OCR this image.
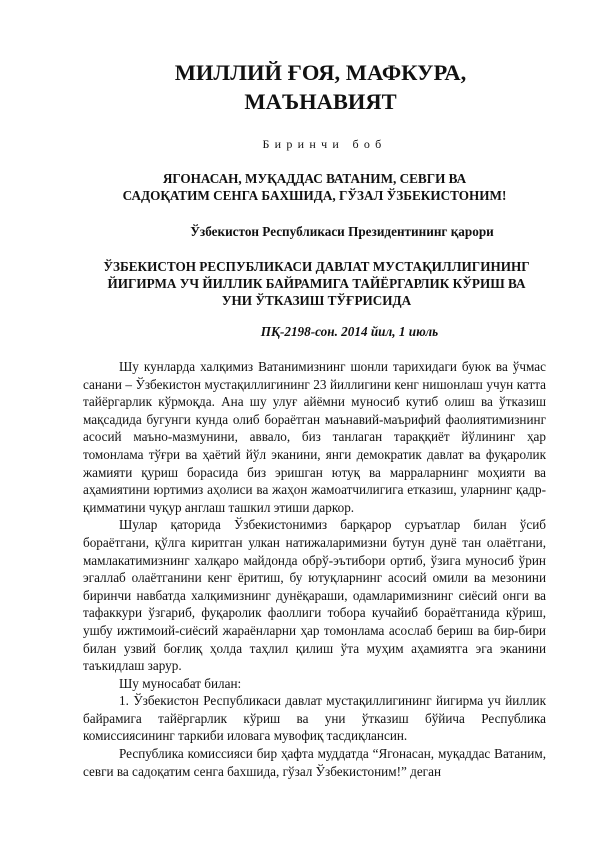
МИЛЛИЙ ҒОЯ, МАФКУРА,
МАЪНАВИЯТ
Биринчи боб
ЯГОНАСАН, МУҚАДДАС ВАТАНИМ, СЕВГИ ВА
САДОҚАТИМ СЕНГА БАХШИДА, ГЎЗАЛ ЎЗБЕКИСТОНИМ!
Ўзбекистон Республикаси Президентининг қарори
ЎЗБЕКИСТОН РЕСПУБЛИКАСИ ДАВЛАТ МУСТАҚИЛЛИГИНИНГ
ЙИГИРМА УЧ ЙИЛЛИК БАЙРАМИГА ТАЙЁРГАРЛИК КЎРИШ ВА
УНИ ЎТКАЗИШ ТЎҒРИСИДА
ПҚ-2198-сон. 2014 йил, 1 июль

Шу кунларда халқимиз Ватанимизнинг шонли тарихидаги буюк ва ўчмас санани – Ўзбекистон мустақиллигининг 23 йиллигини кенг нишонлаш учун катта тайёргарлик кўрмоқда. Ана шу улуғ айёмни муносиб кутиб олиш ва ўтказиш мақсадида бугунги кунда олиб бораётган маънавий-маърифий фаолиятимизнинг асосий маъно-мазмунини, аввало, биз танлаган тараққиёт йўлининг ҳар томонлама тўғри ва ҳаётий йўл эканини, янги демократик давлат ва фуқаролик жамияти қуриш борасида биз эришган ютуқ ва марраларнинг моҳияти ва аҳамиятини юртимиз аҳолиси ва жаҳон жамоатчилигига етказиш, уларнинг қадр-қимматини чуқур англаш ташкил этиши даркор.

Шулар қаторида Ўзбекистонимиз барқарор суръатлар билан ўсиб бораётгани, қўлга киритган улкан натижаларимизни бутун дунё тан олаётгани, мамлакатимизнинг халқаро майдонда обрў-эътибори ортиб, ўзига муносиб ўрин эгаллаб олаётганини кенг ёритиш, бу ютуқларнинг асосий омили ва мезонини биринчи навбатда халқимизнинг дунёқараши, одамларимизнинг сиёсий онги ва тафаккури ўзгариб, фуқаролик фаоллиги тобора кучайиб бораётганида кўриш, ушбу ижтимоий-сиёсий жараёнларни ҳар томонлама асослаб бериш ва бир-бири билан узвий боғлиқ ҳолда таҳлил қилиш ўта муҳим аҳамиятга эга эканини таъкидлаш зарур.

Шу муносабат билан:

1. Ўзбекистон Республикаси давлат мустақиллигининг йигирма уч йиллик байрамига тайёргарлик кўриш ва уни ўтказиш бўйича Республика комиссиясининг таркиби иловага мувофиқ тасдиқлансин.

Республика комиссияси бир ҳафта муддатда “Ягонасан, муқаддас Ватаним, севги ва садоқатим сенга бахшида, гўзал Ўзбекистоним!” деган
